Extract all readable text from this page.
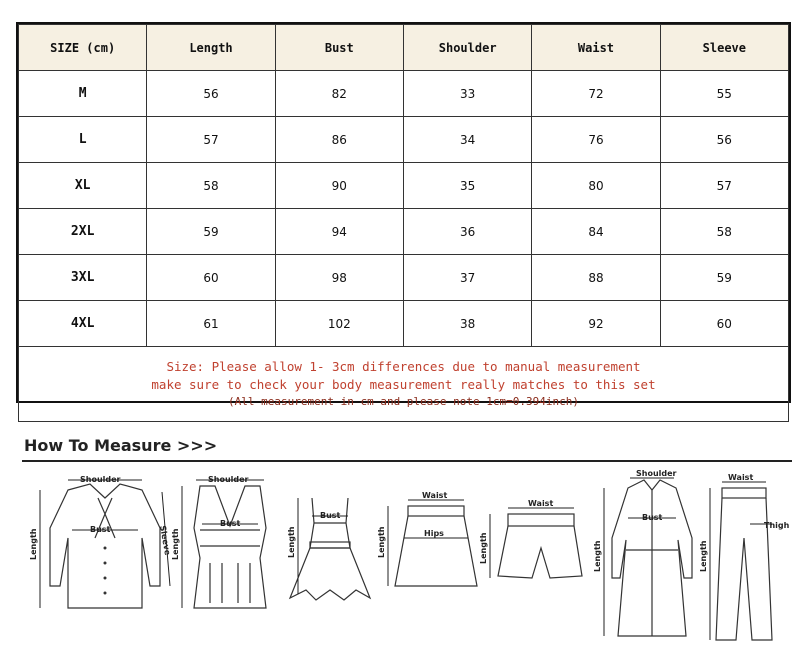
SIZE (cm)	Length	Bust	Shoulder	Waist	Sleeve
M	56	82	33	72	55
L	57	86	34	76	56
XL	58	90	35	80	57
2XL	59	94	36	84	58
3XL	60	98	37	88	59
4XL	61	102	38	92	60

Size: Please allow 1- 3cm differences due to manual measurement
make sure to check your body measurement really matches to this set
(All measurement in cm and please note 1cm=0.394inch)					
How To Measure >>>
Shoulder
Bust
Length	Sleeve
Shoulder
Bust
Length
Bust
Length
Waist
Hips
Length
Waist
Length
Shoulder
Bust
Length
Waist
Thigh
Length
